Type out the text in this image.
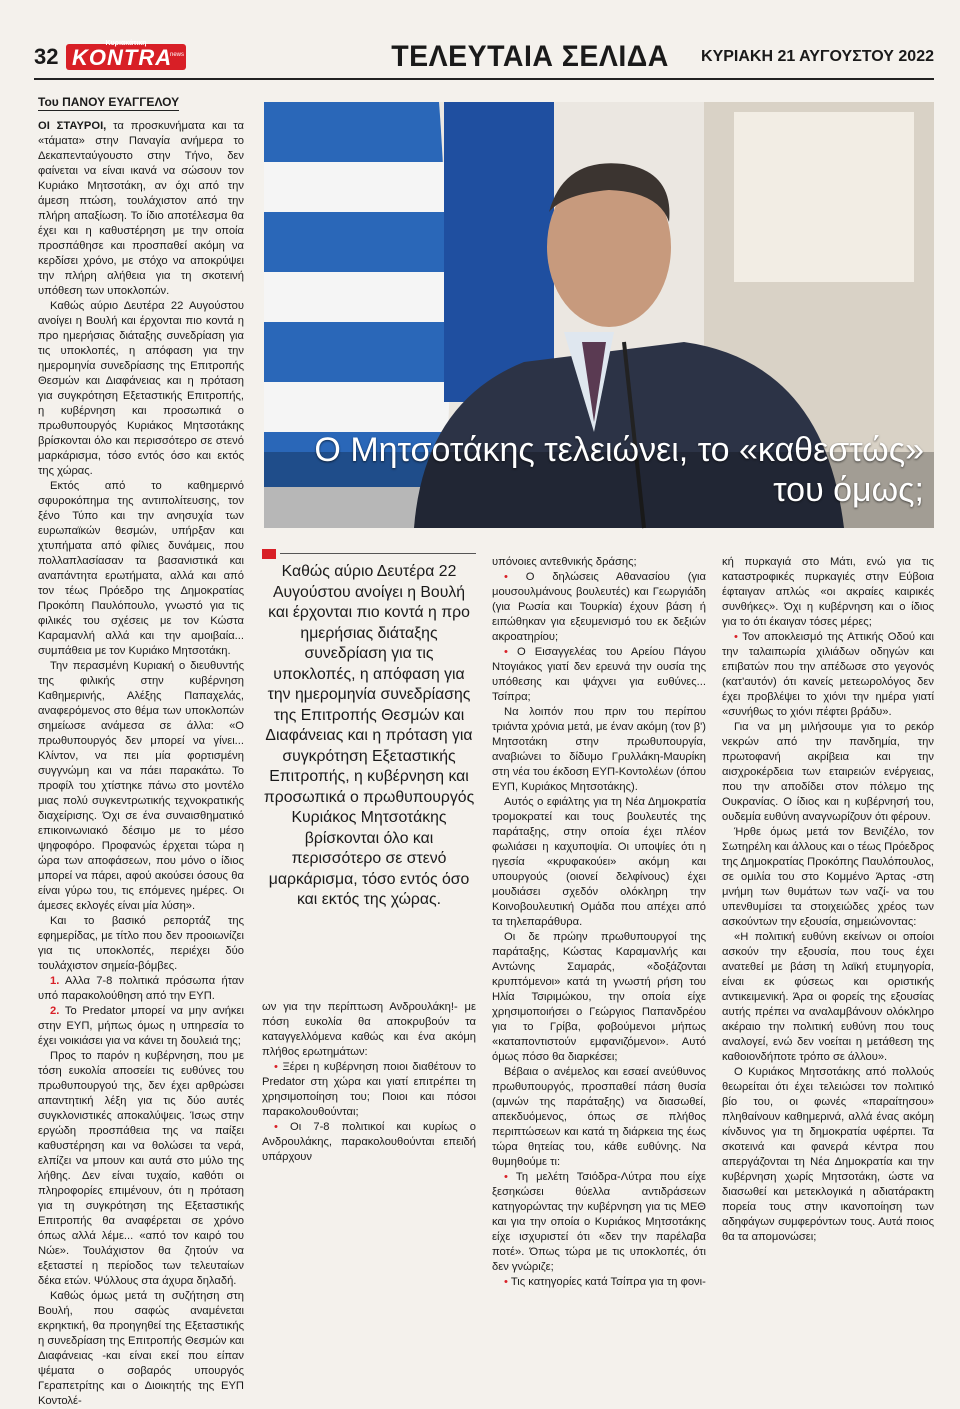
32
Κυριακάτικη
KONTRA
news	ΤΕΛΕΥΤΑΙΑ ΣΕΛΙΔΑ ΚΥΡΙΑΚΗ 21 ΑΥΓΟΥΣΤΟΥ 2022
Του ΠΑΝΟΥ ΕΥΑΓΓΕΛΟΥ

ΟΙ ΣΤΑΥΡΟΙ, τα προσκυνήματα και τα «τάματα» στην Παναγία ανήμερα το Δεκαπενταύγουστο στην Τήνο, δεν φαίνεται να είναι ικανά να σώσουν τον Κυριάκο Μητσοτάκη, αν όχι από την άμεση πτώση, τουλάχιστον από την πλήρη απαξίωση. Το ίδιο αποτέλεσμα θα έχει και η καθυστέρηση με την οποία προσπάθησε και προσπαθεί ακόμη να κερδίσει χρόνο, με στόχο να αποκρύψει την πλήρη αλήθεια για τη σκοτεινή υπόθεση των υποκλοπών.

Καθώς αύριο Δευτέρα 22 Αυγούστου ανοίγει η Βουλή και έρχονται πιο κοντά η προ ημερήσιας διάταξης συνεδρίαση για τις υποκλοπές, η απόφαση για την ημερομηνία συνεδρίασης της Επιτροπής Θεσμών και Διαφάνειας και η πρόταση για συγκρότηση Εξεταστικής Επιτροπής, η κυβέρνηση και προσωπικά ο πρωθυπουργός Κυριάκος Μητσοτάκης βρίσκονται όλο και περισσότερο σε στενό μαρκάρισμα, τόσο εντός όσο και εκτός της χώρας.

Εκτός από το καθημερινό σφυροκόπημα της αντιπολίτευσης, τον ξένο Τύπο και την ανησυχία των ευρωπαϊκών θεσμών, υπήρξαν και χτυπήματα από φίλιες δυνάμεις, που πολλαπλασίασαν τα βασανιστικά και αναπάντητα ερωτήματα, αλλά και από τον τέως Πρόεδρο της Δημοκρατίας Προκόπη Παυλόπουλο, γνωστό για τις φιλικές του σχέσεις με τον Κώστα Καραμανλή αλλά και την αμοιβαία... συμπάθεια με τον Κυριάκο Μητσοτάκη.

Την περασμένη Κυριακή ο διευθυντής της φιλικής στην κυβέρνηση Καθημερινής, Αλέξης Παπαχελάς, αναφερόμενος στο θέμα των υποκλοπών σημείωσε ανάμεσα σε άλλα: «Ο πρωθυπουργός δεν μπορεί να γίνει... Κλίντον, να πει μία φορτισμένη συγγνώμη και να πάει παρακάτω. Το προφίλ του χτίστηκε πάνω στο μοντέλο μιας πολύ συγκεντρωτικής τεχνοκρατικής διαχείρισης. Όχι σε ένα συναισθηματικό επικοινωνιακό δέσιμο με το μέσο ψηφοφόρο. Προφανώς έρχεται τώρα η ώρα των αποφάσεων, που μόνο ο ίδιος μπορεί να πάρει, αφού ακούσει όσους θα είναι γύρω του, τις επόμενες ημέρες. Οι άμεσες εκλογές είναι μία λύση».

Και το βασικό ρεπορτάζ της εφημερίδας, με τίτλο που δεν προοιωνίζει για τις υποκλοπές, περιέχει δύο τουλάχιστον σημεία-βόμβες.

1. Αλλα 7-8 πολιτικά πρόσωπα ήταν υπό παρακολούθηση από την ΕΥΠ.

2. Το Predator μπορεί να μην ανήκει στην ΕΥΠ, μήπως όμως η υπηρεσία το έχει νοικιάσει για να κάνει τη δουλειά της;

Προς το παρόν η κυβέρνηση, που με τόση ευκολία αποσείει τις ευθύνες του πρωθυπουργού της, δεν έχει αρθρώσει απαντητική λέξη για τις δύο αυτές συγκλονιστικές αποκαλύψεις. Ίσως στην εργώδη προσπάθεια της να παίξει καθυστέρηση και να θολώσει τα νερά, ελπίζει να μπουν και αυτά στο μύλο της λήθης. Δεν είναι τυχαίο, καθότι οι πληροφορίες επιμένουν, ότι η πρόταση για τη συγκρότηση της Εξεταστικής Επιτροπής θα αναφέρεται σε χρόνο όπως αλλά λέμε... «από τον καιρό του Νώε». Τουλάχιστον θα ζητούν να εξεταστεί η περίοδος των τελευταίων δέκα ετών. Ψύλλους στα άχυρα δηλαδή.

Καθώς όμως μετά τη συζήτηση στη Βουλή, που σαφώς αναμένεται εκρηκτική, θα προηγηθεί της Εξεταστικής η συνεδρίαση της Επιτροπής Θεσμών και Διαφάνειας -και είναι εκεί που είπαν ψέματα ο σοβαρός υπουργός Γεραπετρίτης και ο Διοικητής της ΕΥΠ Κοντολέ-

Ο Μητσοτάκης τελειώνει, το «καθεστώς» του όμως;
Καθώς αύριο Δευτέρα 22 Αυγούστου ανοίγει η Βουλή και έρχονται πιο κοντά η προ ημερήσιας διάταξης συνεδρίαση για τις υποκλοπές, η απόφαση για την ημερομηνία συνεδρίασης της Επιτροπής Θεσμών και Διαφάνειας και η πρόταση για συγκρότηση Εξεταστικής Επιτροπής, η κυβέρνηση και προσωπικά ο πρωθυπουργός Κυριάκος Μητσοτάκης βρίσκονται όλο και περισσότερο σε στενό μαρκάρισμα, τόσο εντός όσο και εκτός της χώρας.

ων για την περίπτωση Ανδρουλάκη!- με πόση ευκολία θα αποκρυβούν τα καταγγελλόμενα καθώς και ένα ακόμη πλήθος ερωτημάτων:

• Ξέρει η κυβέρνηση ποιοι διαθέτουν το Predator στη χώρα και γιατί επιτρέπει τη χρησιμοποίηση του; Ποιοι και πόσοι παρακολουθούνται;

• Οι 7-8 πολιτικοί και κυρίως ο Ανδρουλάκης, παρακολουθούνται επειδή υπάρχουν

υπόνοιες αντεθνικής δράσης;

• Ο δηλώσεις Αθανασίου (για μουσουλμάνους βουλευτές) και Γεωργιάδη (για Ρωσία και Τουρκία) έχουν βάση ή ειπώθηκαν για εξευμενισμό του εκ δεξιών ακροατηρίου;

• Ο Εισαγγελέας του Αρείου Πάγου Ντογιάκος γιατί δεν ερευνά την ουσία της υπόθεσης και ψάχνει για ευθύνες... Τσίπρα;

Να λοιπόν που πριν του περίπου τριάντα χρόνια μετά, με έναν ακόμη (τον β') Μητσοτάκη στην πρωθυπουργία, αναβιώνει το δίδυμο Γρυλλάκη-Μαυρίκη στη νέα του έκδοση ΕΥΠ-Κοντολέων (όπου ΕΥΠ, Κυριάκος Μητσοτάκης).

Αυτός ο εφιάλτης για τη Νέα Δημοκρατία τρομοκρατεί και τους βουλευτές της παράταξης, στην οποία έχει πλέον φωλιάσει η καχυποψία. Οι υποψίες ότι η ηγεσία «κρυφακούει» ακόμη και υπουργούς (οιονεί δελφίνους) έχει μουδιάσει σχεδόν ολόκληρη την Κοινοβουλευτική Ομάδα που απέχει από τα τηλεπαράθυρα.

Οι δε πρώην πρωθυπουργοί της παράταξης, Κώστας Καραμανλής και Αντώνης Σαμαράς, «δοξάζονται κρυπτόμενοι» κατά τη γνωστή ρήση του Ηλία Τσιριμώκου, την οποία είχε χρησιμοποιήσει ο Γεώργιος Παπανδρέου για το Γρίβα, φοβούμενοι μήπως «καταποντιστούν εμφανιζόμενοι». Αυτό όμως πόσο θα διαρκέσει;

Βέβαια ο ανέμελος και εσαεί ανεύθυνος πρωθυπουργός, προσπαθεί πάση θυσία (αμνών της παράταξης) να διασωθεί, απεκδυόμενος, όπως σε πλήθος περιπτώσεων και κατά τη διάρκεια της έως τώρα θητείας του, κάθε ευθύνης. Να θυμηθούμε τι:

• Τη μελέτη Τσιόδρα-Λύτρα που είχε ξεσηκώσει θύελλα αντιδράσεων κατηγορώντας την κυβέρνηση για τις ΜΕΘ και για την οποία ο Κυριάκος Μητσοτάκης είχε ισχυριστεί ότι «δεν την παρέλαβα ποτέ». Όπως τώρα με τις υποκλοπές, ότι δεν γνώριζε;

• Τις κατηγορίες κατά Τσίπρα για τη φονι-

κή πυρκαγιά στο Μάτι, ενώ για τις καταστροφικές πυρκαγιές στην Εύβοια έφταιγαν απλώς «οι ακραίες καιρικές συνθήκες». Όχι η κυβέρνηση και ο ίδιος για το ότι έκαιγαν τόσες μέρες;

• Τον αποκλεισμό της Αττικής Οδού και την ταλαιπωρία χιλιάδων οδηγών και επιβατών που την απέδωσε στο γεγονός (κατ'αυτόν) ότι κανείς μετεωρολόγος δεν έχει προβλέψει το χιόνι την ημέρα γιατί «συνήθως το χιόνι πέφτει βράδυ».

Για να μη μιλήσουμε για το ρεκόρ νεκρών από την πανδημία, την πρωτοφανή ακρίβεια και την αισχροκέρδεια των εταιρειών ενέργειας, που την αποδίδει στον πόλεμο της Ουκρανίας. Ο ίδιος και η κυβέρνησή του, ουδεμία ευθύνη αναγνωρίζουν ότι φέρουν.

Ήρθε όμως μετά τον Βενιζέλο, τον Σωτηρέλη και άλλους και ο τέως Πρόεδρος της Δημοκρατίας Προκόπης Παυλόπουλος, σε ομιλία του στο Κομμένο Άρτας -στη μνήμη των θυμάτων των ναζί- να του υπενθυμίσει τα στοιχειώδες χρέος των ασκούντων την εξουσία, σημειώνοντας:

«Η πολιτική ευθύνη εκείνων οι οποίοι ασκούν την εξουσία, που τους έχει ανατεθεί με βάση τη λαϊκή ετυμηγορία, είναι εκ φύσεως και οριστικής αντικειμενική. Άρα οι φορείς της εξουσίας αυτής πρέπει να αναλαμβάνουν ολόκληρο ακέραιο την πολιτική ευθύνη που τους αναλογεί, ενώ δεν νοείται η μετάθεση της καθοιονδήποτε τρόπο σε άλλου».

Ο Κυριάκος Μητσοτάκης από πολλούς θεωρείται ότι έχει τελειώσει τον πολιτικό βίο του, οι φωνές «παραίτησου» πληθαίνουν καθημερινά, αλλά ένας ακόμη κίνδυνος για τη δημοκρατία υφέρπει. Τα σκοτεινά και φανερά κέντρα που απεργάζονται τη Νέα Δημοκρατία και την κυβέρνηση χωρίς Μητσοτάκη, ώστε να διασωθεί και μετεκλογικά η αδιατάρακτη πορεία τους στην ικανοποίηση των αδηφάγων συμφερόντων τους. Αυτά ποιος θα τα απομονώσει;
